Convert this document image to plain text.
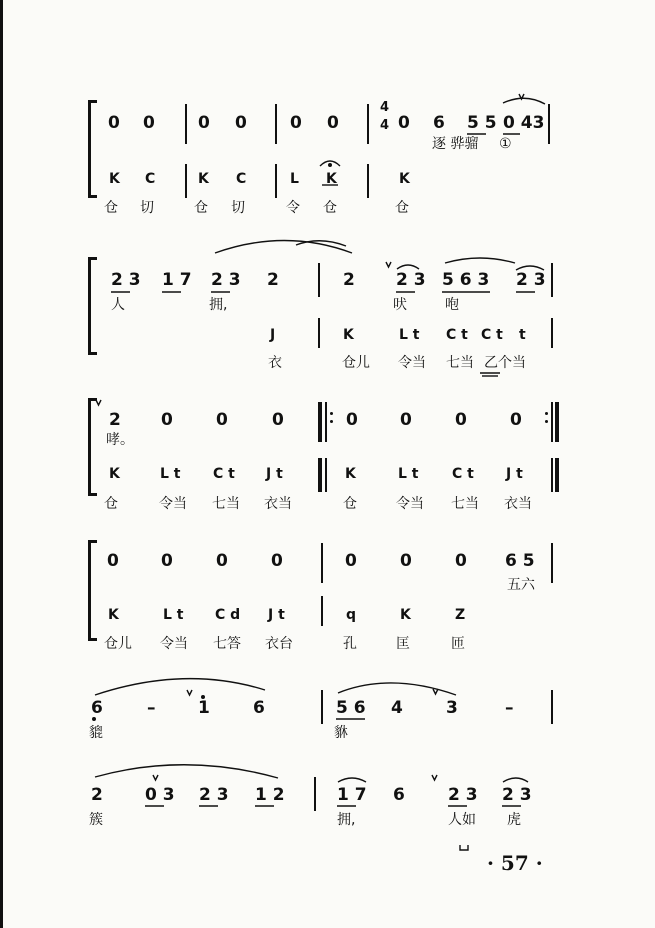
0 0	0 0	0 0
4
4 0 6 5 5 0 43
逐 骅骝 ①
K C	K C	L K	K
仓 切	仓 切	令 仓	仓
2 3 1 7 2 3 2	2 2 3 5 6 3 2 3
人	拥,	吠	咆
J	K	L t C t C t t
衣	仓儿 令当 七当 乙个当
2 0	0	0	0 0	0	0
哮。
K	L t C t J t	K	L t C t J t
仓	令当 七当 衣当	仓	令当 七当 衣当
0 0	0	0	0	0	0 6 5
五六
K	L t C d J t	q	K	Z
仓儿 令当 七答 衣台	孔	匡	匝
6	–	1	6	5 6 4	3	–
貔	貅
2 0 3 2 3 1 2	1 7 6	2 3 2 3
簇	拥,	人如 虎
· 57 ·
